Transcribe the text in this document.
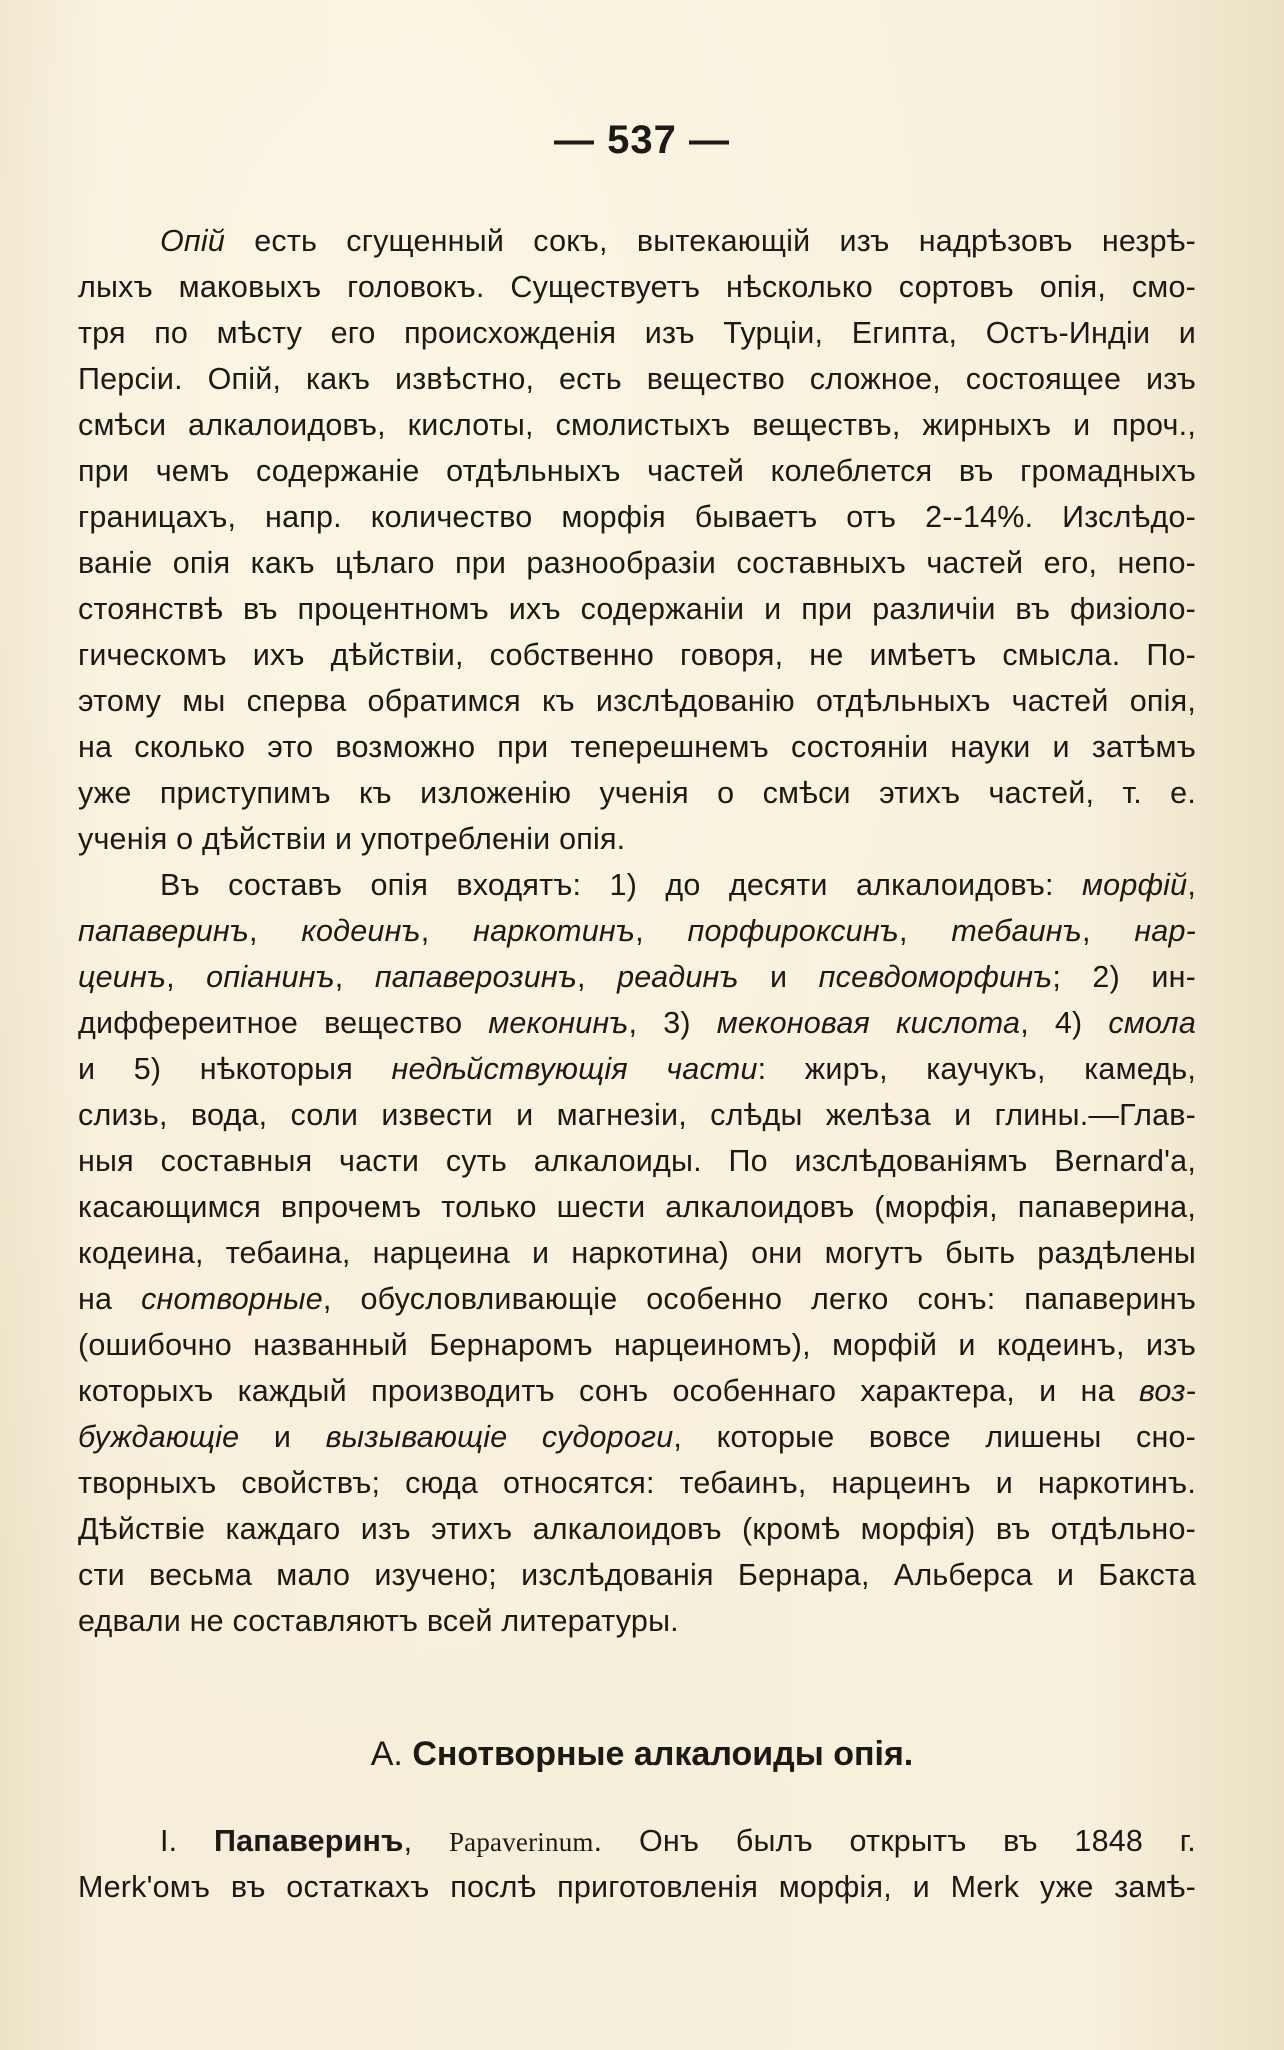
— 537 —
Опій есть сгущенный сокъ, вытекающій изъ надрѣзовъ незрѣ-
лыхъ маковыхъ головокъ. Существуетъ нѣсколько сортовъ опія, смо-
тря по мѣсту его происхожденія изъ Турціи, Египта, Остъ-Индіи и
Персіи. Опій, какъ извѣстно, есть вещество сложное, состоящее изъ
смѣси алкалоидовъ, кислоты, смолистыхъ веществъ, жирныхъ и проч.,
при чемъ содержаніе отдѣльныхъ частей колеблется въ громадныхъ
границахъ, напр. количество морфія бываетъ отъ 2--14%. Изслѣдо-
ваніе опія какъ цѣлаго при разнообразіи составныхъ частей его, непо-
стоянствѣ въ процентномъ ихъ содержаніи и при различіи въ физіоло-
гическомъ ихъ дѣйствіи, собственно говоря, не имѣетъ смысла. По-
этому мы сперва обратимся къ изслѣдованію отдѣльныхъ частей опія,
на сколько это возможно при теперешнемъ состояніи науки и затѣмъ
уже приступимъ къ изложенію ученія о смѣси этихъ частей, т. е.
ученія о дѣйствіи и употребленіи опія.
Въ составъ опія входятъ: 1) до десяти алкалоидовъ: морфій,
папаверинъ, кодеинъ, наркотинъ, порфироксинъ, тебаинъ, нар-
цеинъ, опіанинъ, папаверозинъ, реадинъ и псевдоморфинъ; 2) ин-
диффереитное вещество меконинъ, 3) меконовая кислота, 4) смола
и 5) нѣкоторыя недѣйствующія части: жиръ, каучукъ, камедь,
слизь, вода, соли извести и магнезіи, слѣды желѣза и глины.—Глав-
ныя составныя части суть алкалоиды. По изслѣдованіямъ Bernard'a,
касающимся впрочемъ только шести алкалоидовъ (морфія, папаверина,
кодеина, тебаина, нарцеина и наркотина) они могутъ быть раздѣлены
на снотворные, обусловливающіе особенно легко сонъ: папаверинъ
(ошибочно названный Бернаромъ нарцеиномъ), морфій и кодеинъ, изъ
которыхъ каждый производитъ сонъ особеннаго характера, и на воз-
буждающіе и вызывающіе судороги, которые вовсе лишены сно-
творныхъ свойствъ; сюда относятся: тебаинъ, нарцеинъ и наркотинъ.
Дѣйствіе каждаго изъ этихъ алкалоидовъ (кромѣ морфія) въ отдѣльно-
сти весьма мало изучено; изслѣдованія Бернара, Альберса и Бакста
едвали не составляютъ всей литературы.
А. Снотворные алкалоиды опія.
I. Папаверинъ, Papaverinum. Онъ былъ открытъ въ 1848 г.
Merk'омъ въ остаткахъ послѣ приготовленія морфія, и Merk уже замѣ-
